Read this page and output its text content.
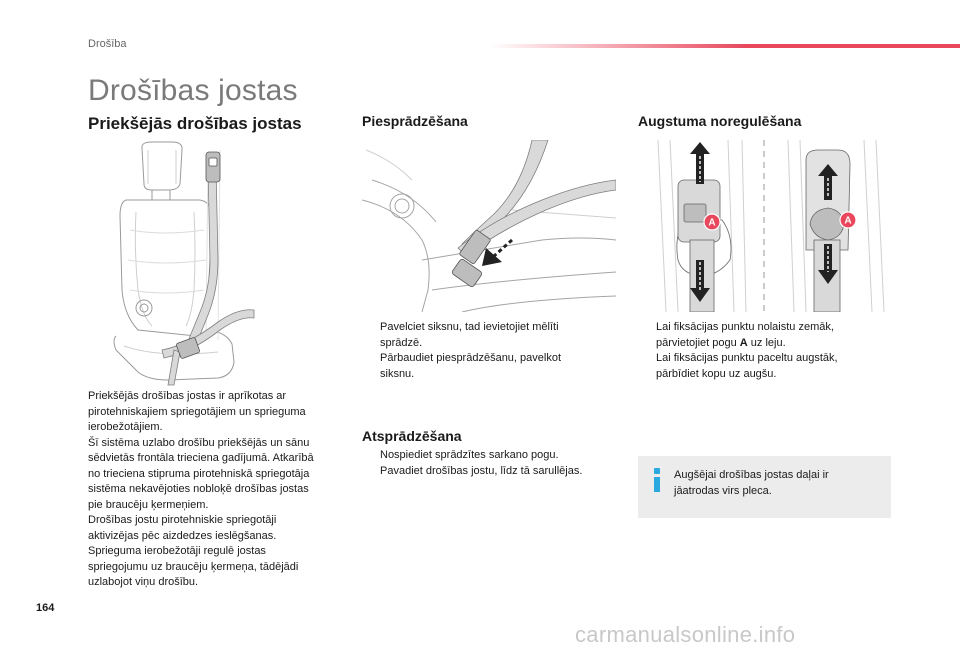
Drošība
Drošības jostas
Priekšējās drošības jostas
Priekšējās drošības jostas ir aprīkotas ar
pirotehniskajiem spriegotājiem un spriegumа
ierobežotājiem.
Šī sistēma uzlabo drošību priekšējās un sānu
sēdvietās frontāla trieciena gadījumā. Atkarībā
no trieciena stipruma pirotehniskā spriegotāja
sistēma nekavējoties nobloķē drošības jostas
pie braucēju ķermeņiem.
Drošības jostu pirotehniskie spriegotāji
aktivizējas pēc aizdedzes ieslēgšanas.
Sprieguma ierobežotāji regulē jostas
spriegojumu uz braucēju ķermeņa, tādējādi
uzlabojot viņu drošību.
Piesprādzēšana
Pavelciet siksnu, tad ievietojiet mēlīti
sprādzē.
Pārbaudiet piesprādzēšanu, pavelkot
siksnu.
Atsprādzēšana
Nospiediet sprādzītes sarkano pogu.
Pavadiet drošības jostu, līdz tā sarullējas.
Augstuma noregulēšana
A	A
Lai fiksācijas punktu nolaistu zemāk,
pārvietojiet pogu A uz leju.
Lai fiksācijas punktu paceltu augstāk,
pārbīdiet kopu uz augšu.
Augšējai drošības jostas daļai ir
jāatrodas virs pleca.
164
carmanualsonline.info
